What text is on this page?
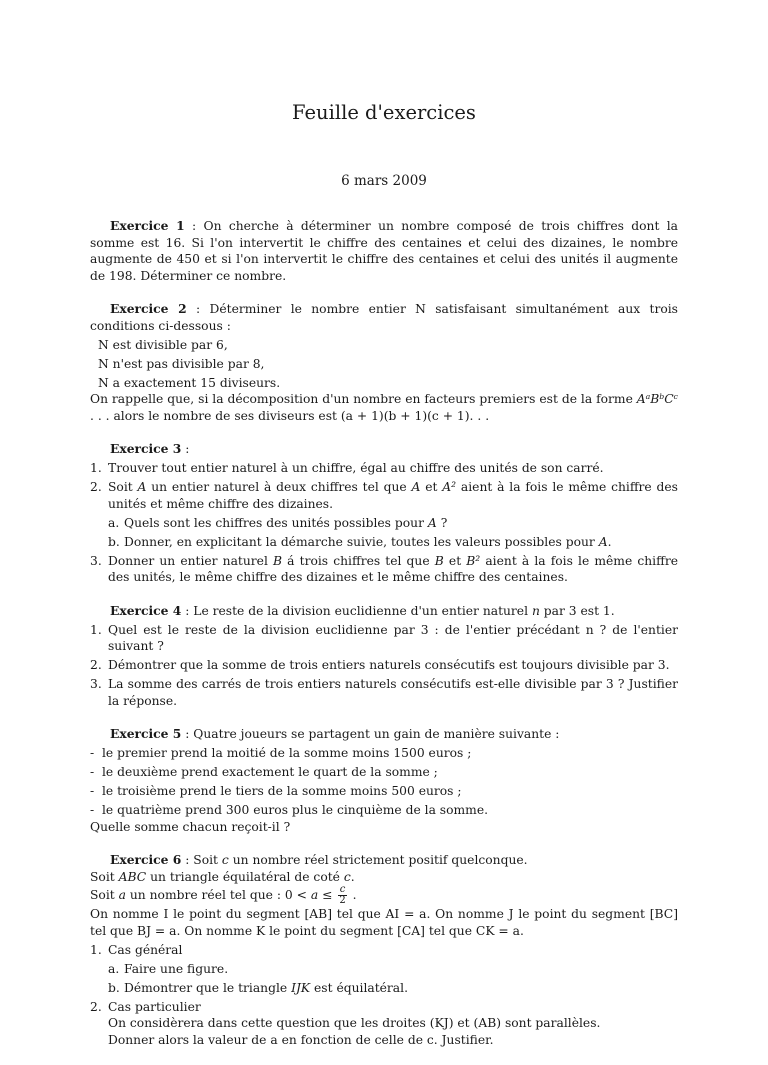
Feuille d'exercices
6 mars 2009

Exercice 1 : On cherche à déterminer un nombre composé de trois chiffres dont la somme est 16. Si l'on intervertit le chiffre des centaines et celui des dizaines, le nombre augmente de 450 et si l'on intervertit le chiffre des centaines et celui des unités il augmente de 198. Déterminer ce nombre.

Exercice 2 : Déterminer le nombre entier N satisfaisant simultanément aux trois conditions ci-dessous :

N est divisible par 6,
N n'est pas divisible par 8,
N a exactement 15 diviseurs.

On rappelle que, si la décomposition d'un nombre en facteurs premiers est de la forme AᵃBᵇCᶜ . . . alors le nombre de ses diviseurs est (a + 1)(b + 1)(c + 1). . .

Exercice 3 :

1. Trouver tout entier naturel à un chiffre, égal au chiffre des unités de son carré.
2. Soit A un entier naturel à deux chiffres tel que A et A² aient à la fois le même chiffre des unités et même chiffre des dizaines.
a. Quels sont les chiffres des unités possibles pour A ?
b. Donner, en explicitant la démarche suivie, toutes les valeurs possibles pour A.
3. Donner un entier naturel B á trois chiffres tel que B et B² aient à la fois le même chiffre des unités, le même chiffre des dizaines et le même chiffre des centaines.

Exercice 4 : Le reste de la division euclidienne d'un entier naturel n par 3 est 1.

1. Quel est le reste de la division euclidienne par 3 : de l'entier précédant n ? de l'entier suivant ?
2. Démontrer que la somme de trois entiers naturels consécutifs est toujours divisible par 3.
3. La somme des carrés de trois entiers naturels consécutifs est-elle divisible par 3 ? Justifier la réponse.

Exercice 5 : Quatre joueurs se partagent un gain de manière suivante :

- le premier prend la moitié de la somme moins 1500 euros ;
- le deuxième prend exactement le quart de la somme ;
- le troisième prend le tiers de la somme moins 500 euros ;
- le quatrième prend 300 euros plus le cinquième de la somme.

Quelle somme chacun reçoit-il ?

Exercice 6 : Soit c un nombre réel strictement positif quelconque.

Soit ABC un triangle équilatéral de coté c.

Soit a un nombre réel tel que : $0 < a \le \frac{c}{2}$ .

On nomme I le point du segment [AB] tel que AI = a. On nomme J le point du segment [BC] tel que BJ = a. On nomme K le point du segment [CA] tel que CK = a.

1. Cas général
a. Faire une figure.
b. Démontrer que le triangle IJK est équilatéral.
2. Cas particulier

On considèrera dans cette question que les droites (KJ) et (AB) sont parallèles.

Donner alors la valeur de a en fonction de celle de c. Justifier.
